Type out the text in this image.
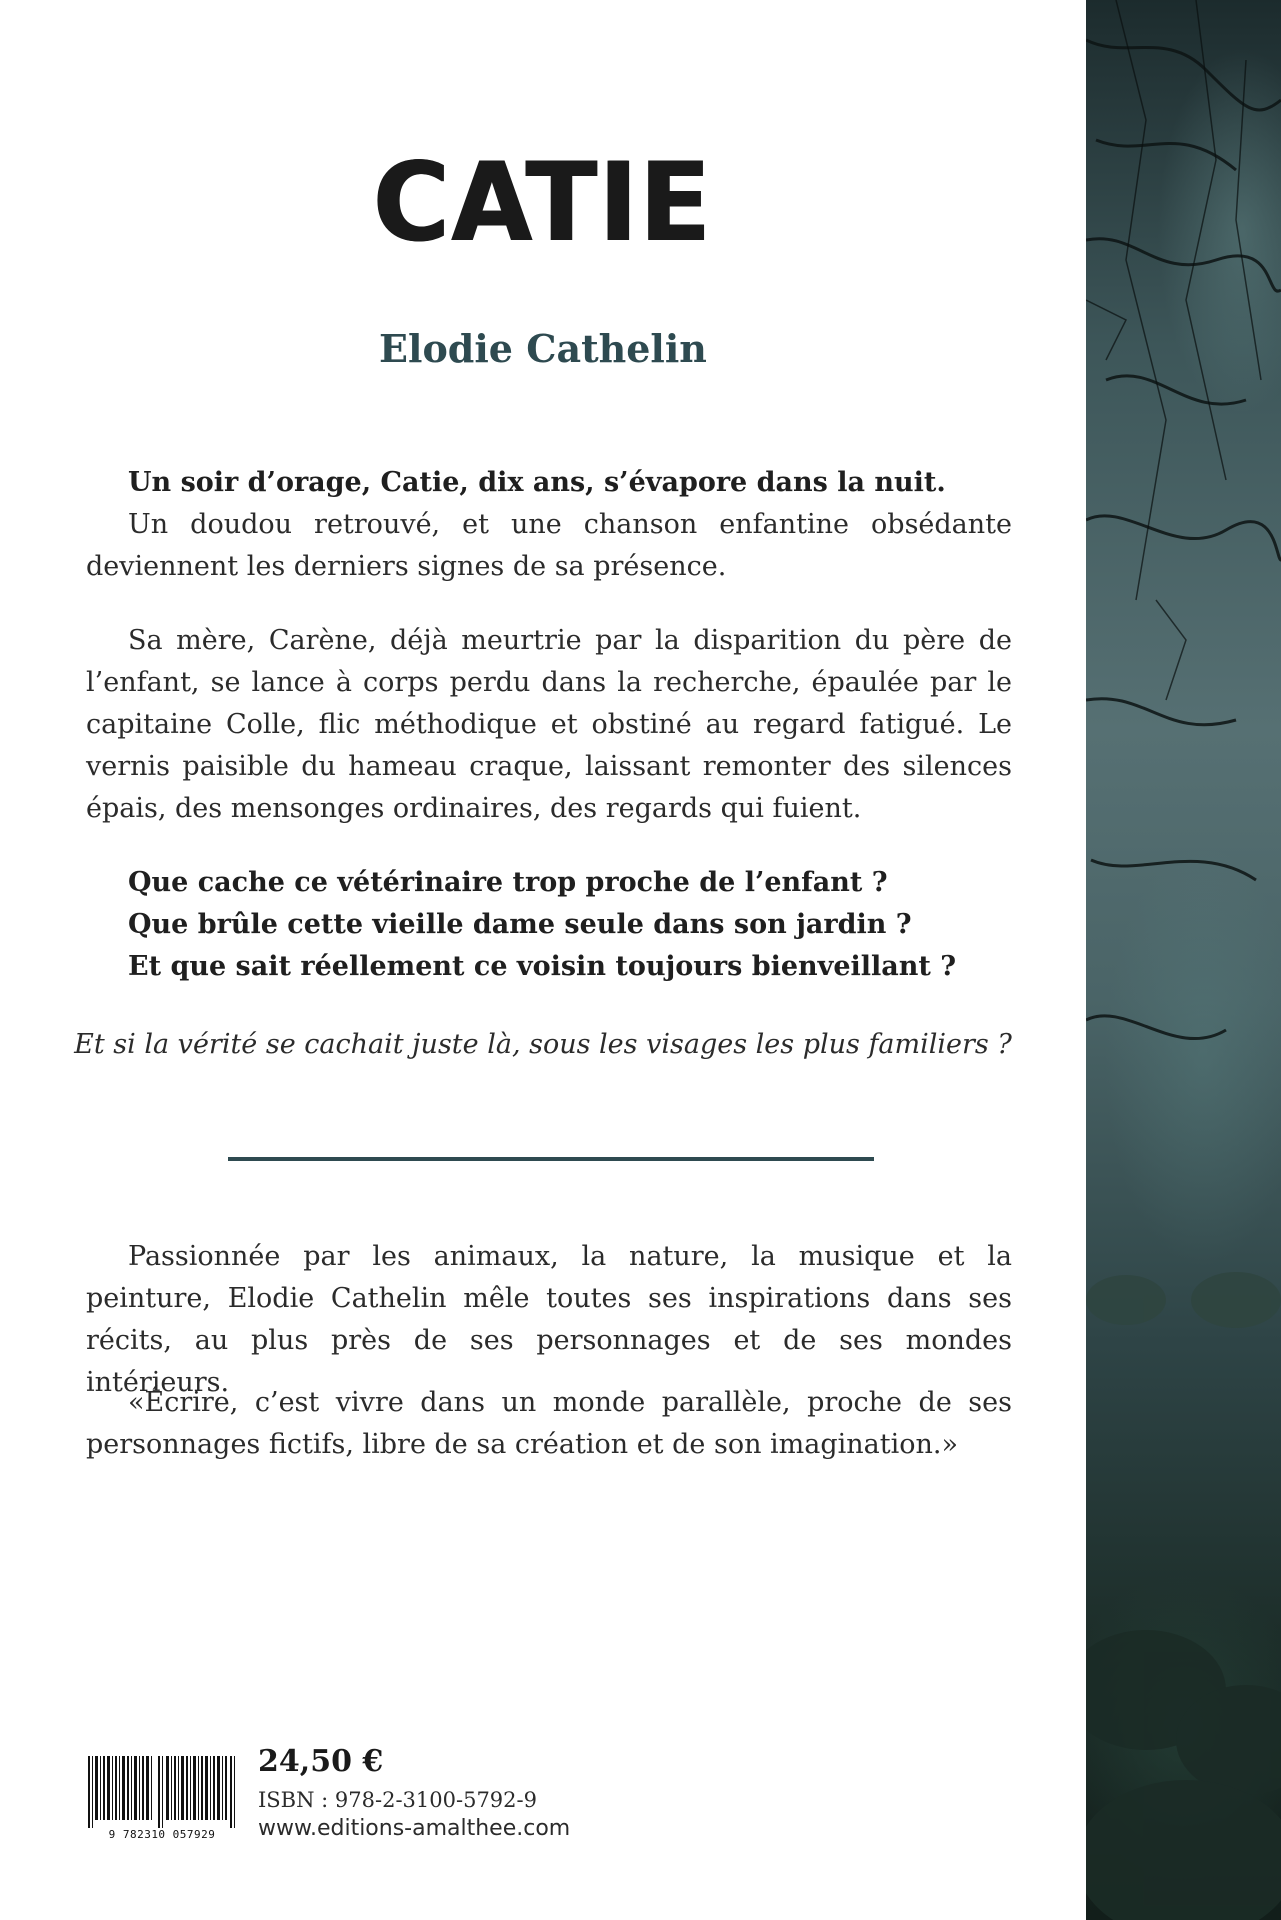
CATIE
Elodie Cathelin

Un soir d’orage, Catie, dix ans, s’évapore dans la nuit.

Un doudou retrouvé, et une chanson enfantine obsédante deviennent les derniers signes de sa présence.

Sa mère, Carène, déjà meurtrie par la disparition du père de l’enfant, se lance à corps perdu dans la recherche, épaulée par le capitaine Colle, flic méthodique et obstiné au regard fatigué. Le vernis paisible du hameau craque, laissant remonter des silences épais, des mensonges ordinaires, des regards qui fuient.

Que cache ce vétérinaire trop proche de l’enfant ?

Que brûle cette vieille dame seule dans son jardin ?

Et que sait réellement ce voisin toujours bienveillant ?

Et si la vérité se cachait juste là, sous les visages les plus familiers ?

Passionnée par les animaux, la nature, la musique et la peinture, Elodie Cathelin mêle toutes ses inspirations dans ses récits, au plus près de ses personnages et de ses mondes intérieurs.

«Écrire, c’est vivre dans un monde parallèle, proche de ses personnages fictifs, libre de sa création et de son imagination.»

9 782310 057929

24,50 €

ISBN : 978-2-3100-5792-9

www.editions-amalthee.com
